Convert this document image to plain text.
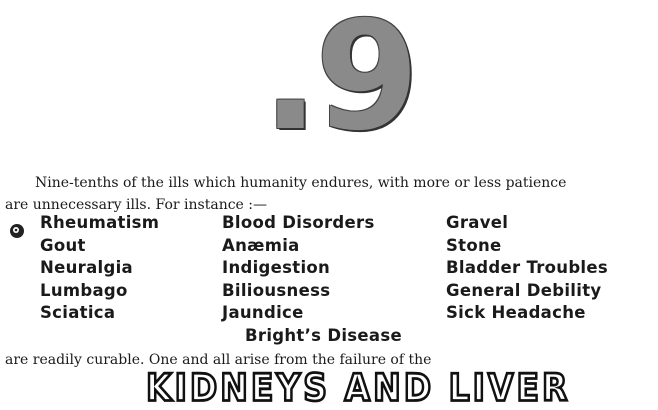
.9
Nine-tenths of the ills which humanity endures, with more or less patience
are unnecessary ills. For instance :—
Rheumatism
Gout
Neuralgia
Lumbago
Sciatica
Blood Disorders
Anæmia
Indigestion
Biliousness
Jaundice
Gravel
Stone
Bladder Troubles
General Debility
Sick Headache
Bright’s Disease
are readily curable. One and all arise from the failure of the
KIDNEYS AND LIVER
